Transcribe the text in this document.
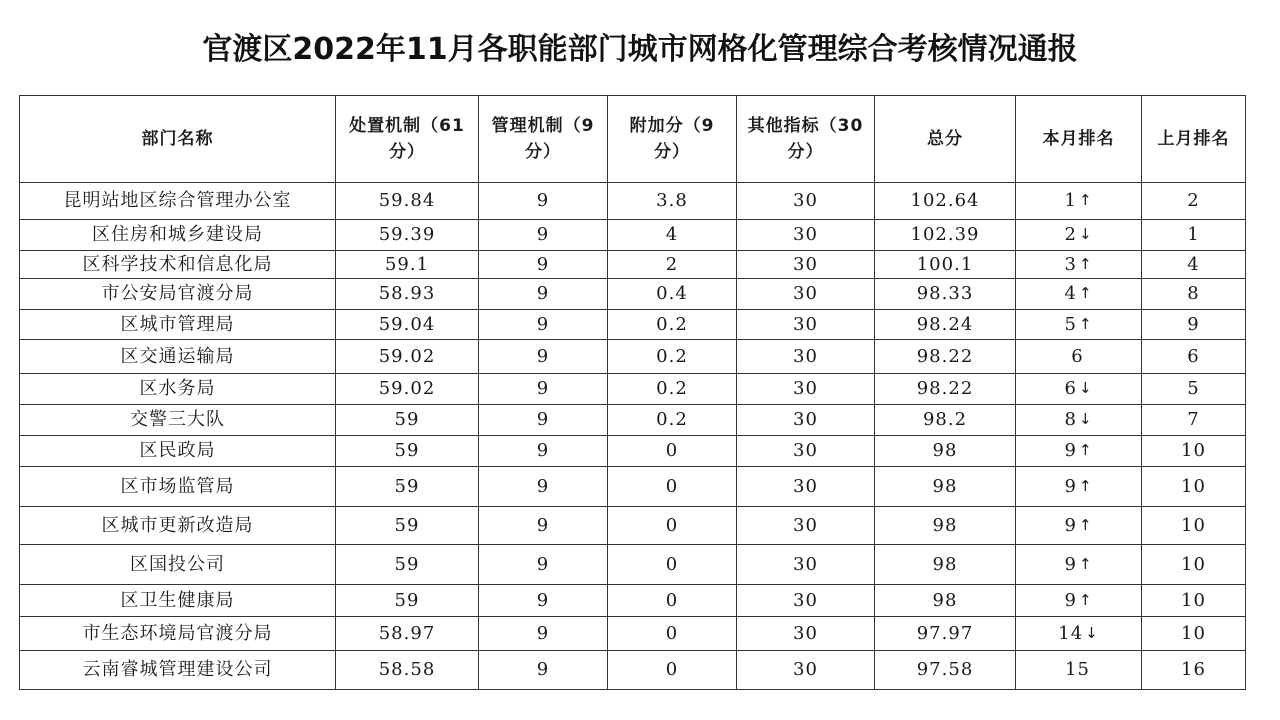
官渡区2022年11月各职能部门城市网格化管理综合考核情况通报
部门名称	处置机制（61分）	管理机制（9分）	附加分（9分）	其他指标（30分）	总分	本月排名	上月排名
昆明站地区综合管理办公室	59.84	9	3.8	30	102.64	1 ↑	2
区住房和城乡建设局	59.39	9	4	30	102.39	2 ↓	1
区科学技术和信息化局	59.1	9	2	30	100.1	3 ↑	4
市公安局官渡分局	58.93	9	0.4	30	98.33	4 ↑	8
区城市管理局	59.04	9	0.2	30	98.24	5 ↑	9
区交通运输局	59.02	9	0.2	30	98.22	6	6
区水务局	59.02	9	0.2	30	98.22	6 ↓	5
交警三大队	59	9	0.2	30	98.2	8 ↓	7
区民政局	59	9	0	30	98	9 ↑	10
区市场监管局	59	9	0	30	98	9 ↑	10
区城市更新改造局	59	9	0	30	98	9 ↑	10
区国投公司	59	9	0	30	98	9 ↑	10
区卫生健康局	59	9	0	30	98	9 ↑	10
市生态环境局官渡分局	58.97	9	0	30	97.97	14 ↓	10
云南睿城管理建设公司	58.58	9	0	30	97.58	15	16
